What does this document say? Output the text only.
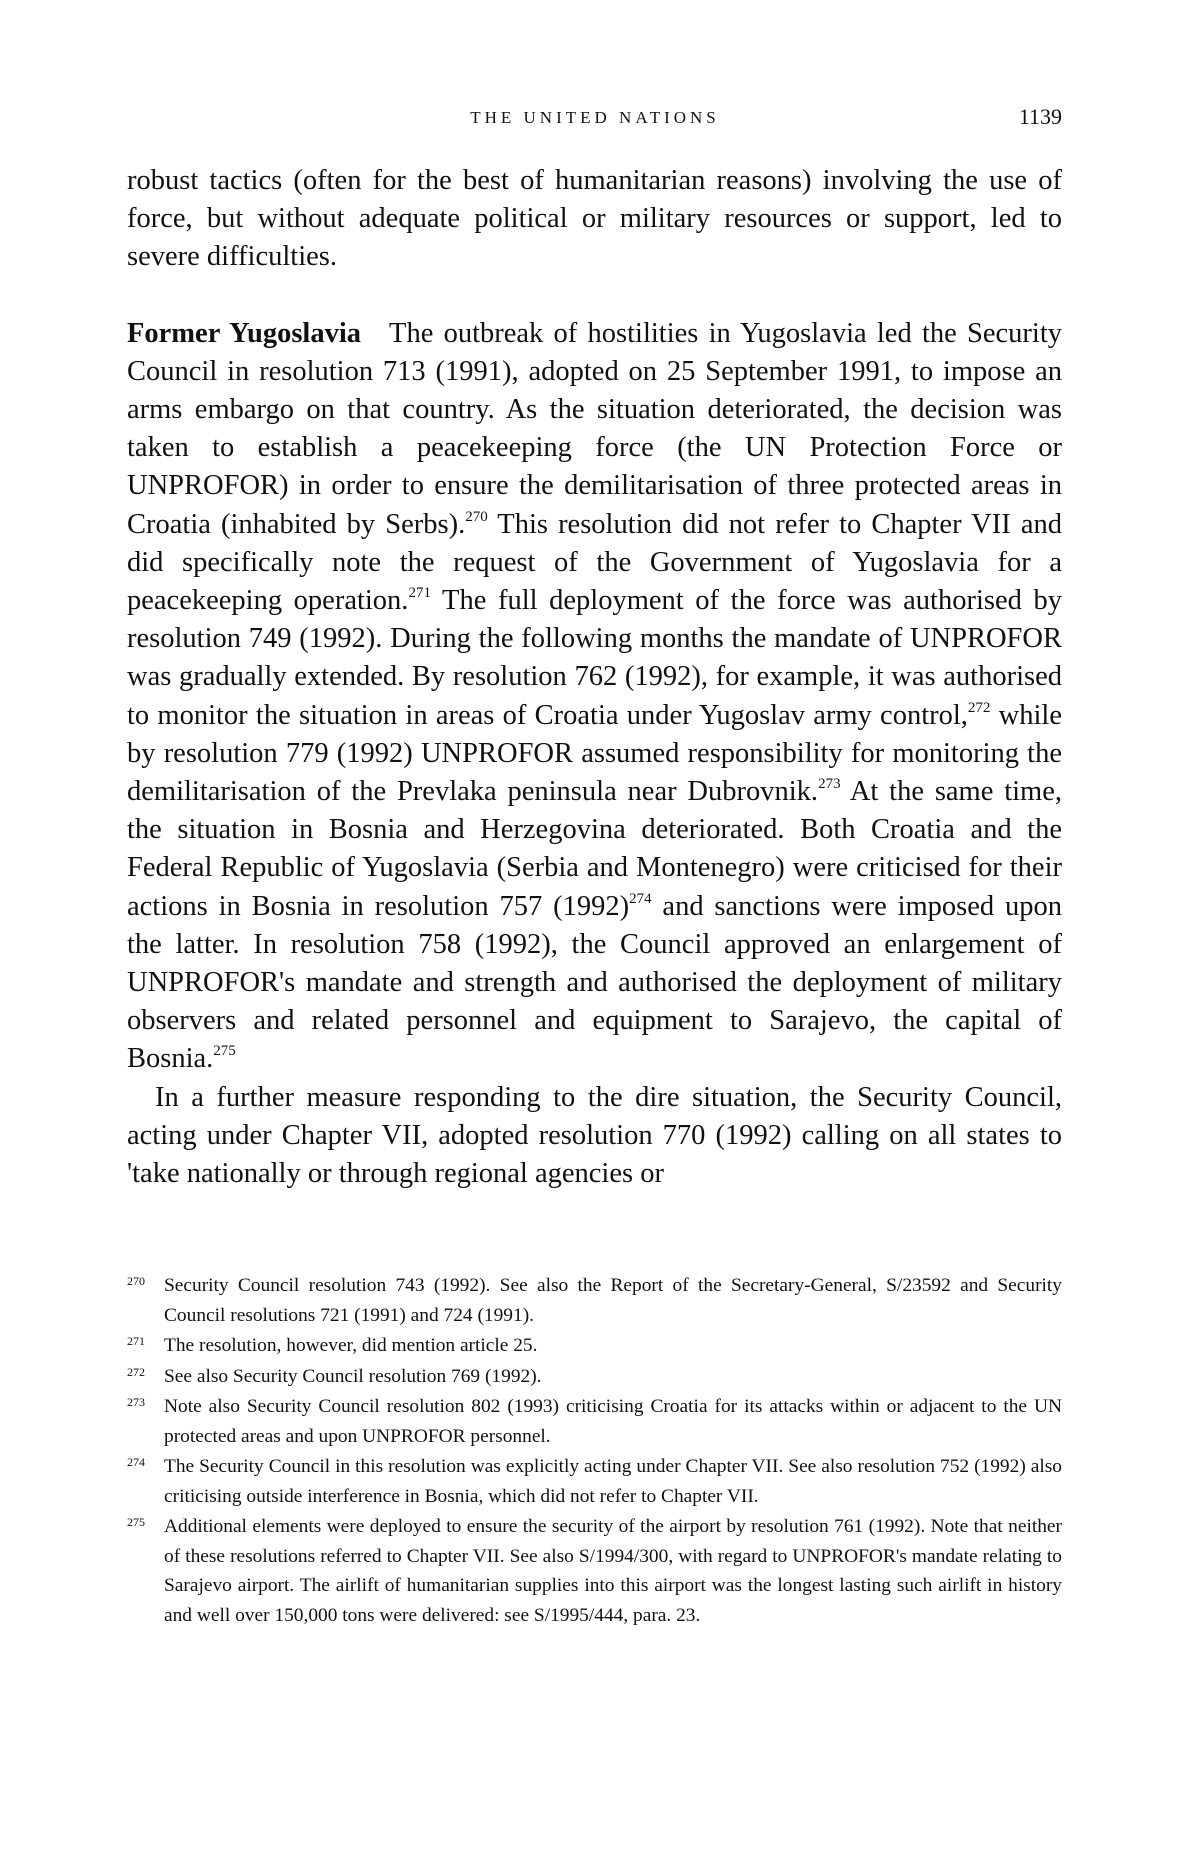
THE UNITED NATIONS	1139

robust tactics (often for the best of humanitarian reasons) involving the use of force, but without adequate political or military resources or support, led to severe difficulties.

Former Yugoslavia The outbreak of hostilities in Yugoslavia led the Security Council in resolution 713 (1991), adopted on 25 September 1991, to impose an arms embargo on that country. As the situation deteriorated, the decision was taken to establish a peacekeeping force (the UN Protection Force or UNPROFOR) in order to ensure the demilitarisation of three protected areas in Croatia (inhabited by Serbs).$^{270}$ This resolution did not refer to Chapter VII and did specifically note the request of the Government of Yugoslavia for a peacekeeping operation.$^{271}$ The full deployment of the force was authorised by resolution 749 (1992). During the following months the mandate of UNPROFOR was gradually extended. By resolution 762 (1992), for example, it was authorised to monitor the situation in areas of Croatia under Yugoslav army control,$^{272}$ while by resolution 779 (1992) UNPROFOR assumed responsibility for monitoring the demilitarisation of the Prevlaka peninsula near Dubrovnik.$^{273}$ At the same time, the situation in Bosnia and Herzegovina deteriorated. Both Croatia and the Federal Republic of Yugoslavia (Serbia and Montenegro) were criticised for their actions in Bosnia in resolution 757 $(1992)^{274}$ and sanctions were imposed upon the latter. In resolution 758 (1992), the Council approved an enlargement of UNPROFOR's mandate and strength and authorised the deployment of military observers and related personnel and equipment to Sarajevo, the capital of Bosnia.$^{275}$

In a further measure responding to the dire situation, the Security Council, acting under Chapter VII, adopted resolution 770 (1992) calling on all states to 'take nationally or through regional agencies or

270 Security Council resolution 743 (1992). See also the Report of the Secretary-General, S/23592 and Security Council resolutions 721 (1991) and 724 (1991).
271 The resolution, however, did mention article 25.
272 See also Security Council resolution 769 (1992).
273 Note also Security Council resolution 802 (1993) criticising Croatia for its attacks within or adjacent to the UN protected areas and upon UNPROFOR personnel.
274 The Security Council in this resolution was explicitly acting under Chapter VII. See also resolution 752 (1992) also criticising outside interference in Bosnia, which did not refer to Chapter VII.
275 Additional elements were deployed to ensure the security of the airport by resolution 761 (1992). Note that neither of these resolutions referred to Chapter VII. See also S/1994/300, with regard to UNPROFOR's mandate relating to Sarajevo airport. The airlift of humanitarian supplies into this airport was the longest lasting such airlift in history and well over 150,000 tons were delivered: see S/1995/444, para. 23.
